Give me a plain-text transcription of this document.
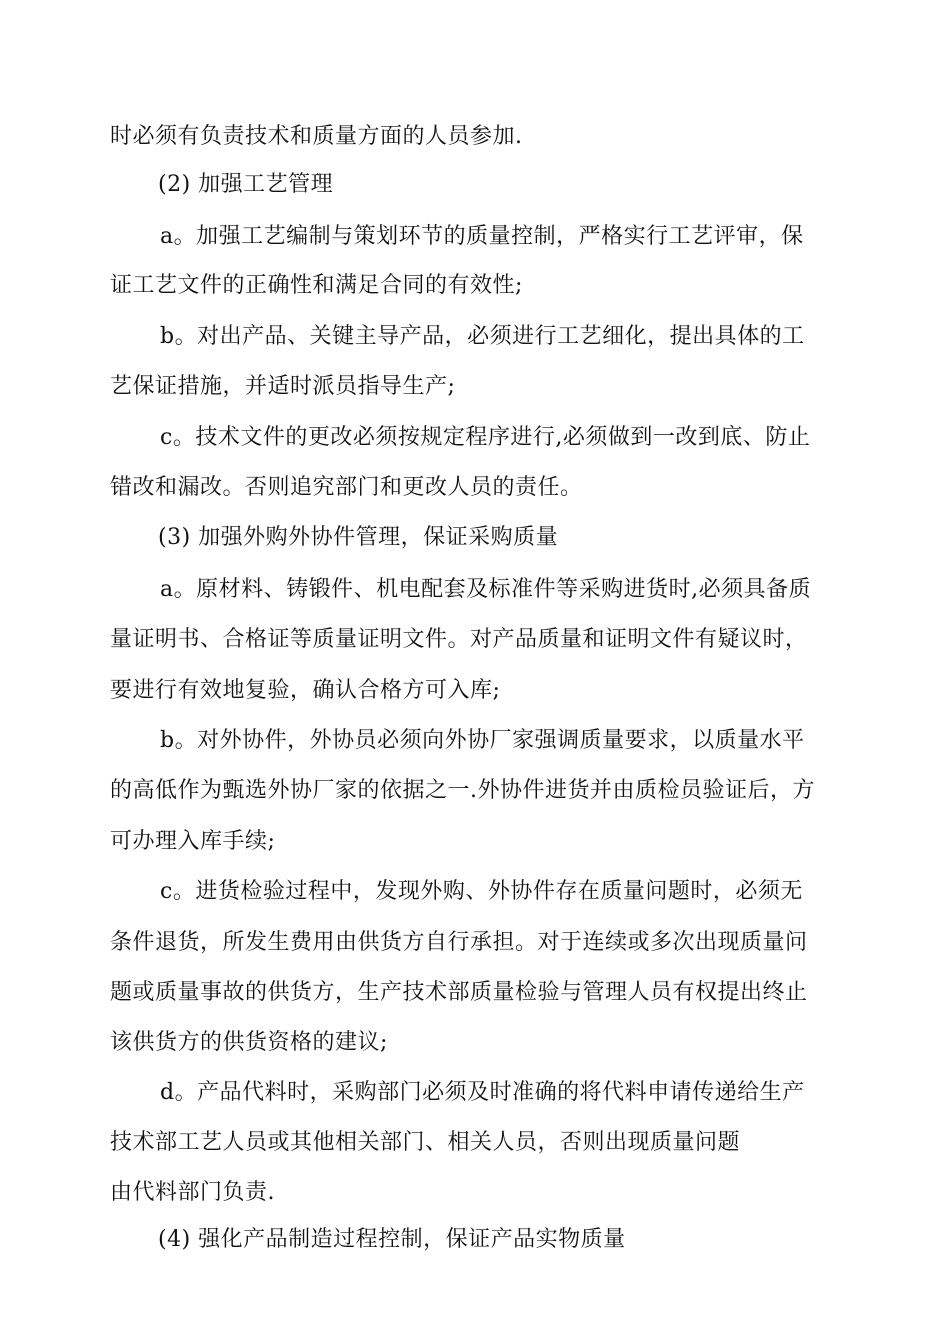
时必须有负责技术和质量方面的人员参加.
(2) 加强工艺管理
a。加强工艺编制与策划环节的质量控制，严格实行工艺评审，保
证工艺文件的正确性和满足合同的有效性;
b。对出产品、关键主导产品，必须进行工艺细化，提出具体的工
艺保证措施，并适时派员指导生产;
c。技术文件的更改必须按规定程序进行,必须做到一改到底、防止
错改和漏改。否则追究部门和更改人员的责任。
(3) 加强外购外协件管理，保证采购质量
a。原材料、铸锻件、机电配套及标准件等采购进货时,必须具备质
量证明书、合格证等质量证明文件。对产品质量和证明文件有疑议时，
要进行有效地复验，确认合格方可入库;
b。对外协件，外协员必须向外协厂家强调质量要求，以质量水平
的高低作为甄选外协厂家的依据之一.外协件进货并由质检员验证后，方
可办理入库手续;
c。进货检验过程中，发现外购、外协件存在质量问题时，必须无
条件退货，所发生费用由供货方自行承担。对于连续或多次出现质量问
题或质量事故的供货方，生产技术部质量检验与管理人员有权提出终止
该供货方的供货资格的建议;
d。产品代料时，采购部门必须及时准确的将代料申请传递给生产
技术部工艺人员或其他相关部门、相关人员，否则出现质量问题
由代料部门负责.
(4) 强化产品制造过程控制，保证产品实物质量
